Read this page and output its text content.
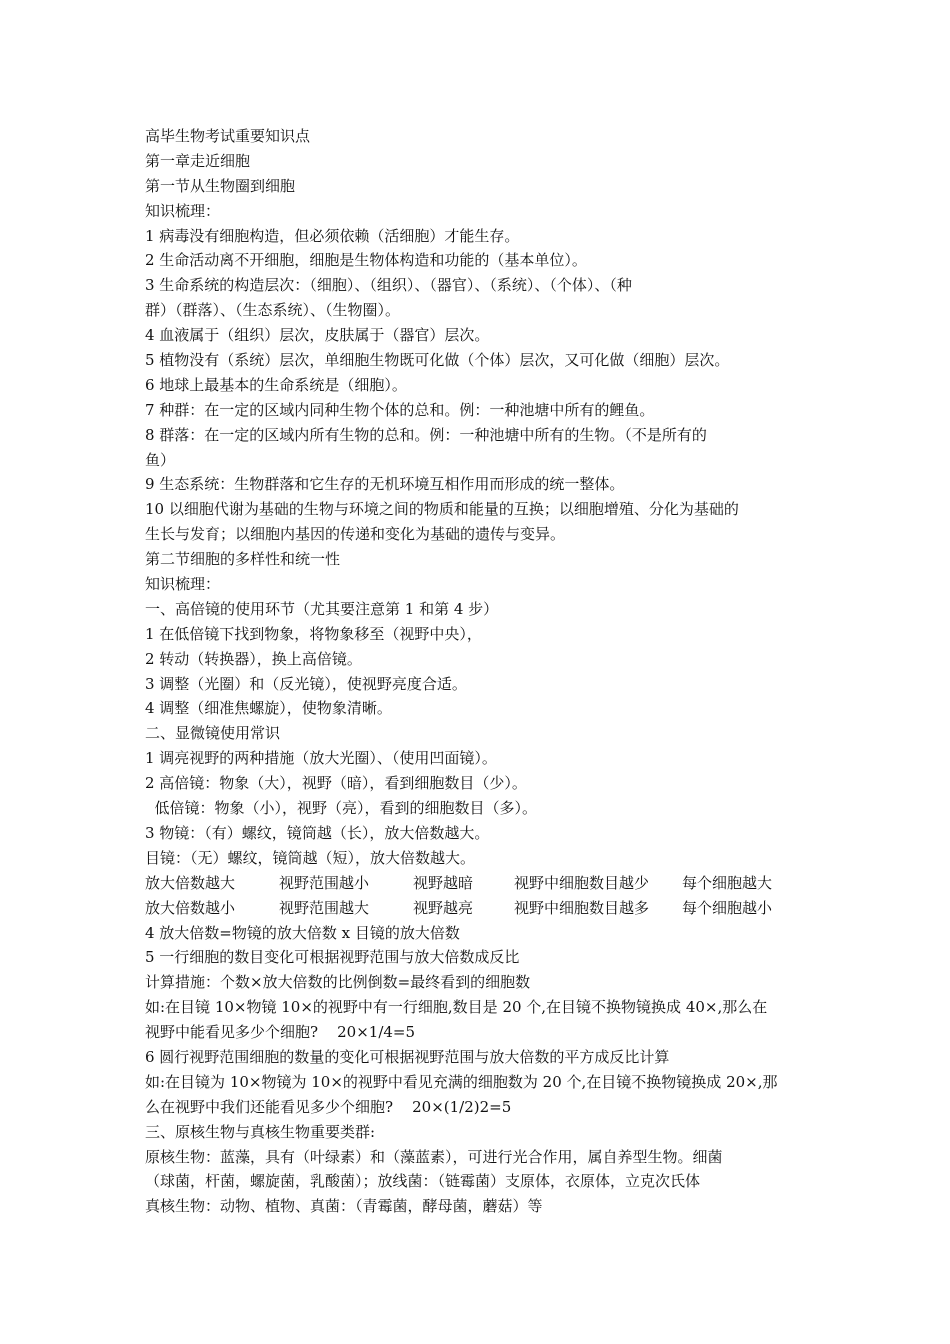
高毕生物考试重要知识点
第一章走近细胞
第一节从生物圈到细胞
知识梳理：
1 病毒没有细胞构造，但必须依赖（活细胞）才能生存。
2 生命活动离不开细胞，细胞是生物体构造和功能的（基本单位）。
3 生命系统的构造层次：（细胞）、（组织）、（器官）、（系统）、（个体）、（种
群）（群落）、（生态系统）、（生物圈）。
4 血液属于（组织）层次，皮肤属于（器官）层次。
5 植物没有（系统）层次，单细胞生物既可化做（个体）层次，又可化做（细胞）层次。
6 地球上最基本的生命系统是（细胞）。
7 种群：在一定的区域内同种生物个体的总和。例：一种池塘中所有的鲤鱼。
8 群落：在一定的区域内所有生物的总和。例：一种池塘中所有的生物。（不是所有的
鱼）
9 生态系统：生物群落和它生存的无机环境互相作用而形成的统一整体。
10 以细胞代谢为基础的生物与环境之间的物质和能量的互换；以细胞增殖、分化为基础的
生长与发育；以细胞内基因的传递和变化为基础的遗传与变异。
第二节细胞的多样性和统一性
知识梳理：
一、高倍镜的使用环节（尤其要注意第 1 和第 4 步）
1 在低倍镜下找到物象，将物象移至（视野中央），
2 转动（转换器），换上高倍镜。
3 调整（光圈）和（反光镜），使视野亮度合适。
4 调整（细准焦螺旋），使物象清晰。
二、显微镜使用常识
1 调亮视野的两种措施（放大光圈）、（使用凹面镜）。
2 高倍镜：物象（大），视野（暗），看到细胞数目（少）。
低倍镜：物象（小），视野（亮），看到的细胞数目（多）。
3 物镜：（有）螺纹，镜筒越（长），放大倍数越大。
目镜：（无）螺纹，镜筒越（短），放大倍数越大。
放大倍数越大	视野范围越小	视野越暗	视野中细胞数目越少	每个细胞越大
放大倍数越小	视野范围越大	视野越亮	视野中细胞数目越多	每个细胞越小
4 放大倍数=物镜的放大倍数 x 目镜的放大倍数
5 一行细胞的数目变化可根据视野范围与放大倍数成反比
计算措施：个数×放大倍数的比例倒数=最终看到的细胞数
如:在目镜 10×物镜 10×的视野中有一行细胞,数目是 20 个,在目镜不换物镜换成 40×,那么在
视野中能看见多少个细胞?    20×1/4=5
6 圆行视野范围细胞的数量的变化可根据视野范围与放大倍数的平方成反比计算
如:在目镜为 10×物镜为 10×的视野中看见充满的细胞数为 20 个,在目镜不换物镜换成 20×,那
么在视野中我们还能看见多少个细胞?    20×(1/2)2=5
三、原核生物与真核生物重要类群:
原核生物：蓝藻，具有（叶绿素）和（藻蓝素），可进行光合作用，属自养型生物。细菌
（球菌，杆菌，螺旋菌，乳酸菌）；放线菌：（链霉菌）支原体，衣原体，立克次氏体
真核生物：动物、植物、真菌：（青霉菌，酵母菌，蘑菇）等
